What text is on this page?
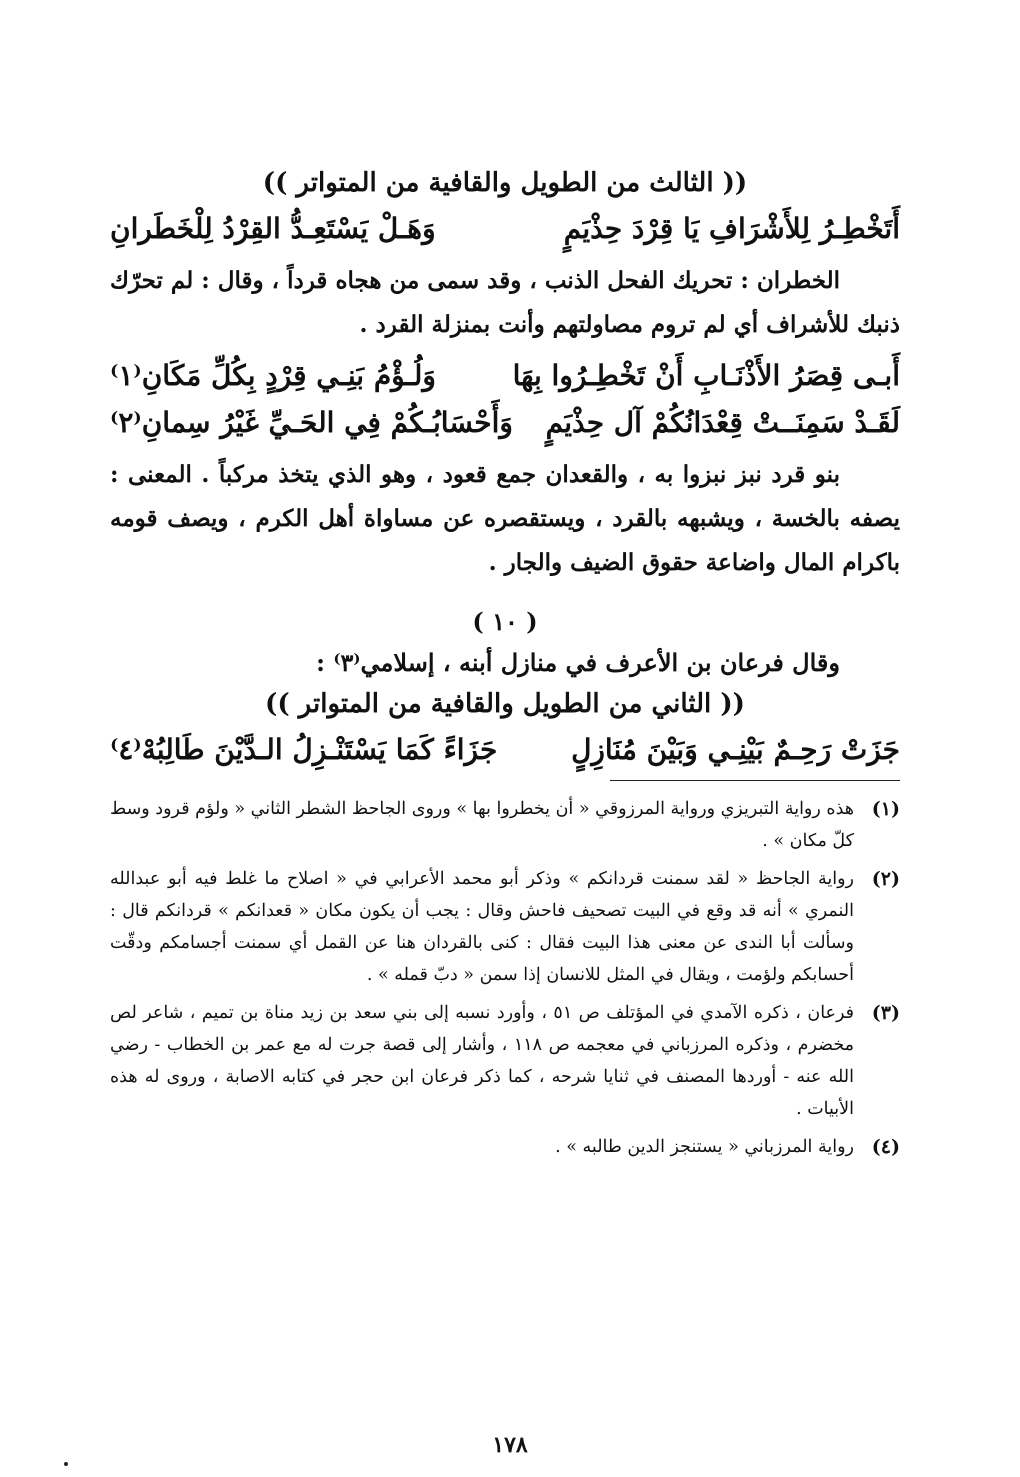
(( الثالث من الطويل والقافية من المتواتر ))
أَتَخْطِـرُ لِلأَشْرَافِ يَا قِرْدَ حِذْيَمٍ
وَهَـلْ يَسْتَعِـدُّ القِرْدُ لِلْخَطَرانِ
الخطران : تحريك الفحل الذنب ، وقد سمى من هجاه قرداً ، وقال : لم تحرّك ذنبك للأشراف أي لم تروم مصاولتهم وأنت بمنزلة القرد .
أَبـى قِصَرُ الأَذْنَـابِ أَنْ تَخْطِـرُوا بِهَا
وَلُـؤْمُ بَنِـي قِرْدٍ بِكُلِّ مَكَانِ⁽١⁾
لَقَـدْ سَمِنَــتْ قِعْدَانُكُمْ آل حِذْيَمٍ
وَأَحْسَابُـكُمْ فِي الحَـيِّ غَيْرُ سِمانِ⁽٢⁾
بنو قرد نبز نبزوا به ، والقعدان جمع قعود ، وهو الذي يتخذ مركباً . المعنى : يصفه بالخسة ، ويشبهه بالقرد ، ويستقصره عن مساواة أهل الكرم ، ويصف قومه باكرام المال واضاعة حقوق الضيف والجار .
( ١٠ )
وقال فرعان بن الأعرف في منازل أبنه ، إسلامي⁽٣⁾ :
(( الثاني من الطويل والقافية من المتواتر ))
جَزَتْ رَحِـمٌ بَيْنِـي وَبَيْنَ مُنَازِلٍ
جَزَاءً كَمَا يَسْتَنْـزِلُ الـدَّيْنَ طَالِبُهْ⁽٤⁾
(١)
هذه رواية التبريزي ورواية المرزوقي « أن يخطروا بها » وروى الجاحظ الشطر الثاني « ولؤم قرود وسط كلّ مكان » .
(٢)
رواية الجاحظ « لقد سمنت قردانكم » وذكر أبو محمد الأعرابي في « اصلاح ما غلط فيه أبو عبدالله النمري » أنه قد وقع في البيت تصحيف فاحش وقال : يجب أن يكون مكان « قعدانكم » قردانكم قال : وسألت أبا الندى عن معنى هذا البيت فقال : كنى بالقردان هنا عن القمل أي سمنت أجسامكم ودقّت أحسابكم ولؤمت ، ويقال في المثل للانسان إذا سمن « دبّ قمله » .
(٣)
فرعان ، ذكره الآمدي في المؤتلف ص ٥١ ، وأورد نسبه إلى بني سعد بن زيد مناة بن تميم ، شاعر لص مخضرم ، وذكره المرزباني في معجمه ص ١١٨ ، وأشار إلى قصة جرت له مع عمر بن الخطاب - رضي الله عنه - أوردها المصنف في ثنايا شرحه ، كما ذكر فرعان ابن حجر في كتابه الاصابة ، وروى له هذه الأبيات .
(٤)
رواية المرزباني « يستنجز الدين طالبه » .
١٧٨
